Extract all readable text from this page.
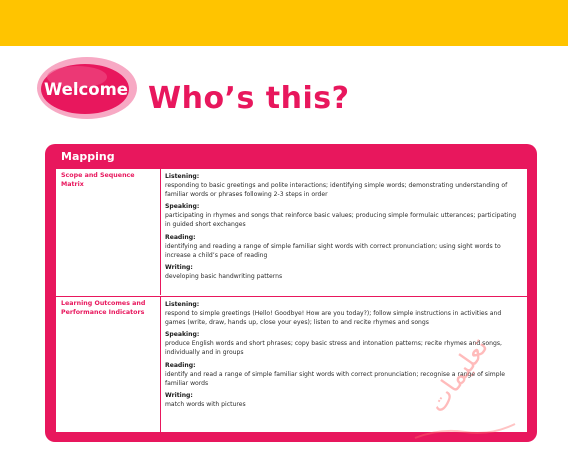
Welcome Who’s this?
Mapping
Scope and Sequence Matrix
Listening:
responding to basic greetings and polite interactions; identifying simple words; demonstrating understanding of familiar words or phrases following 2-3 steps in order
Speaking:
participating in rhymes and songs that reinforce basic values; producing simple formulaic utterances; participating in guided short exchanges
Reading:
identifying and reading a range of simple familiar sight words with correct pronunciation; using sight words to increase a child’s pace of reading
Writing:
developing basic handwriting patterns
Learning Outcomes and Performance Indicators
Listening:
respond to simple greetings (Hello! Goodbye! How are you today?); follow simple instructions in activities and games (write, draw, hands up, close your eyes); listen to and recite rhymes and songs
Speaking:
produce English words and short phrases; copy basic stress and intonation patterns; recite rhymes and songs, individually and in groups
Reading:
identify and read a range of simple familiar sight words with correct pronunciation; recognise a range of simple familiar words
Writing:
match words with pictures	تعليمات
